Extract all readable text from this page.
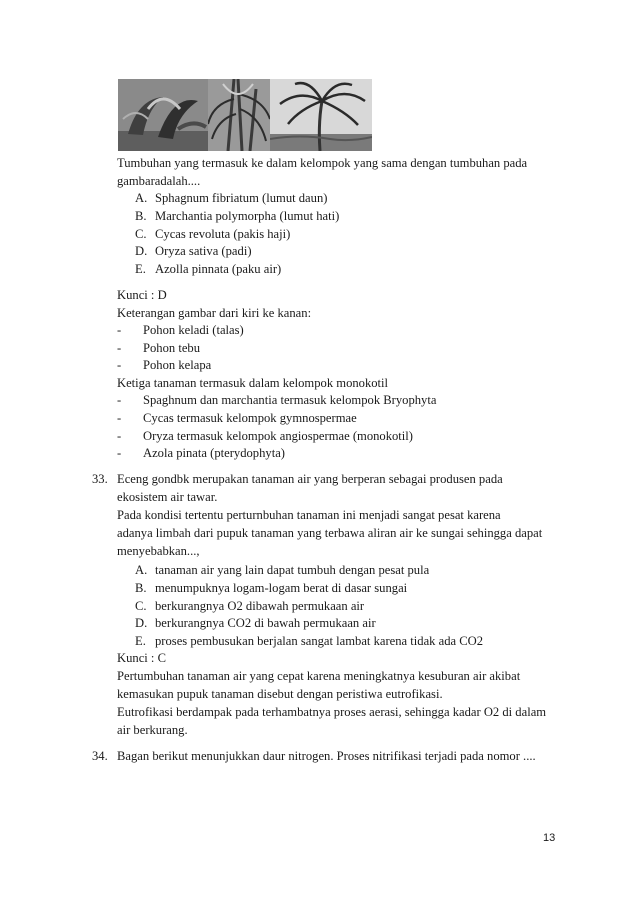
Tumbuhan yang termasuk ke dalam kelompok yang sama dengan tumbuhan pada
gambaradalah....
A. Sphagnum fibriatum (lumut daun)
B. Marchantia polymorpha (lumut hati)
C. Cycas revoluta (pakis haji)
D. Oryza sativa (padi)
E. Azolla pinnata (paku air)
Kunci : D
Keterangan gambar dari kiri ke kanan:
- Pohon keladi (talas)
- Pohon tebu
- Pohon kelapa
Ketiga tanaman termasuk dalam kelompok monokotil
- Spaghnum dan marchantia termasuk kelompok Bryophyta
- Cycas termasuk kelompok gymnospermae
- Oryza termasuk kelompok angiospermae (monokotil)
- Azola pinata (pterydophyta)
33. Eceng gondbk merupakan tanaman air yang berperan sebagai produsen pada
ekosistem air tawar.
Pada kondisi tertentu perturnbuhan tanaman ini menjadi sangat pesat karena
adanya limbah dari pupuk tanaman yang terbawa aliran air ke sungai sehingga dapat
menyebabkan...,
A. tanaman air yang lain dapat tumbuh dengan pesat pula
B. menumpuknya logam-logam berat di dasar sungai
C. berkurangnya O2 dibawah permukaan air
D. berkurangnya CO2 di bawah permukaan air
E. proses pembusukan berjalan sangat lambat karena tidak ada CO2
Kunci : C
Pertumbuhan tanaman air yang cepat karena meningkatnya kesuburan air akibat
kemasukan pupuk tanaman disebut dengan peristiwa eutrofikasi.
Eutrofikasi berdampak pada terhambatnya proses aerasi, sehingga kadar O2 di dalam
air berkurang.
34. Bagan berikut menunjukkan daur nitrogen. Proses nitrifikasi terjadi pada nomor ....
13
